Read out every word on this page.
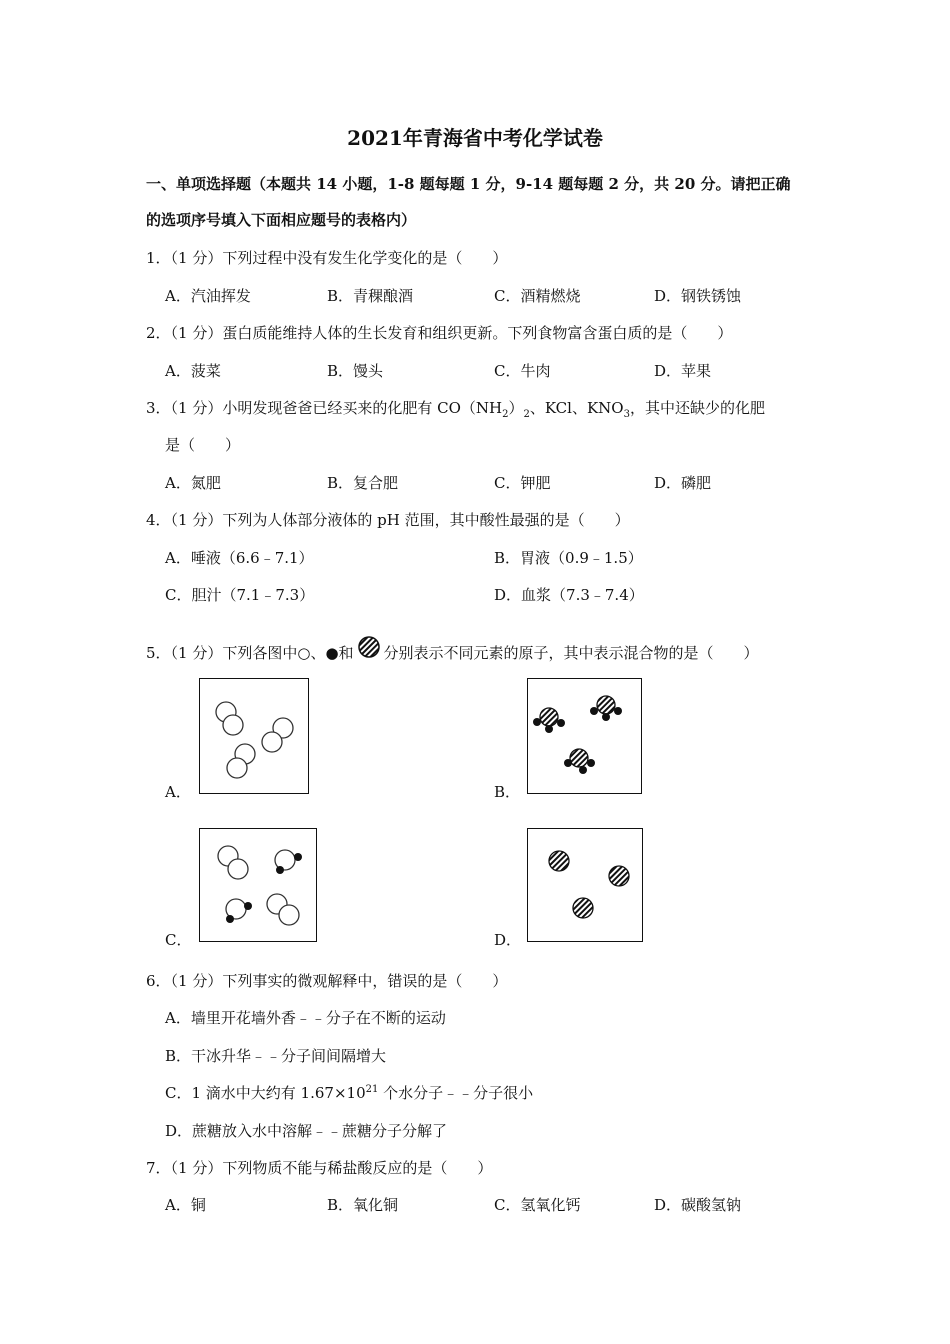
2021年青海省中考化学试卷
一、单项选择题（本题共 14 小题，1-8 题每题 1 分，9-14 题每题 2 分，共 20 分。请把正确
的选项序号填入下面相应题号的表格内）
1．（1 分）下列过程中没有发生化学变化的是（　　）
A．汽油挥发	B．青稞酿酒	C．酒精燃烧	D．钢铁锈蚀
2．（1 分）蛋白质能维持人体的生长发育和组织更新。下列食物富含蛋白质的是（　　）
A．菠菜	B．馒头	C．牛肉	D．苹果
3．（1 分）小明发现爸爸已经买来的化肥有 $CO(NH_2)_2$、KCl、$KNO_3$，其中还缺少的化肥
是（　　）
A．氮肥	B．复合肥	C．钾肥	D．磷肥
4．（1 分）下列为人体部分液体的 pH 范围，其中酸性最强的是（　　）
A．唾液（6.6﹣7.1）	B．胃液（0.9﹣1.5）
C．胆汁（7.1﹣7.3）	D．血浆（7.3﹣7.4）
5．（1 分）下列各图中○、●和 分别表示不同元素的原子，其中表示混合物的是（　　）
A．	B．
C．	D．
6．（1 分）下列事实的微观解释中，错误的是（　　）
A．墙里开花墙外香﹣﹣分子在不断的运动
B．干冰升华﹣﹣分子间间隔增大
C．1 滴水中大约有 $1.67\times 10^{21}$ 个水分子﹣﹣分子很小
D．蔗糖放入水中溶解﹣﹣蔗糖分子分解了
7．（1 分）下列物质不能与稀盐酸反应的是（　　）
A．铜	B．氧化铜	C．氢氧化钙	D．碳酸氢钠
